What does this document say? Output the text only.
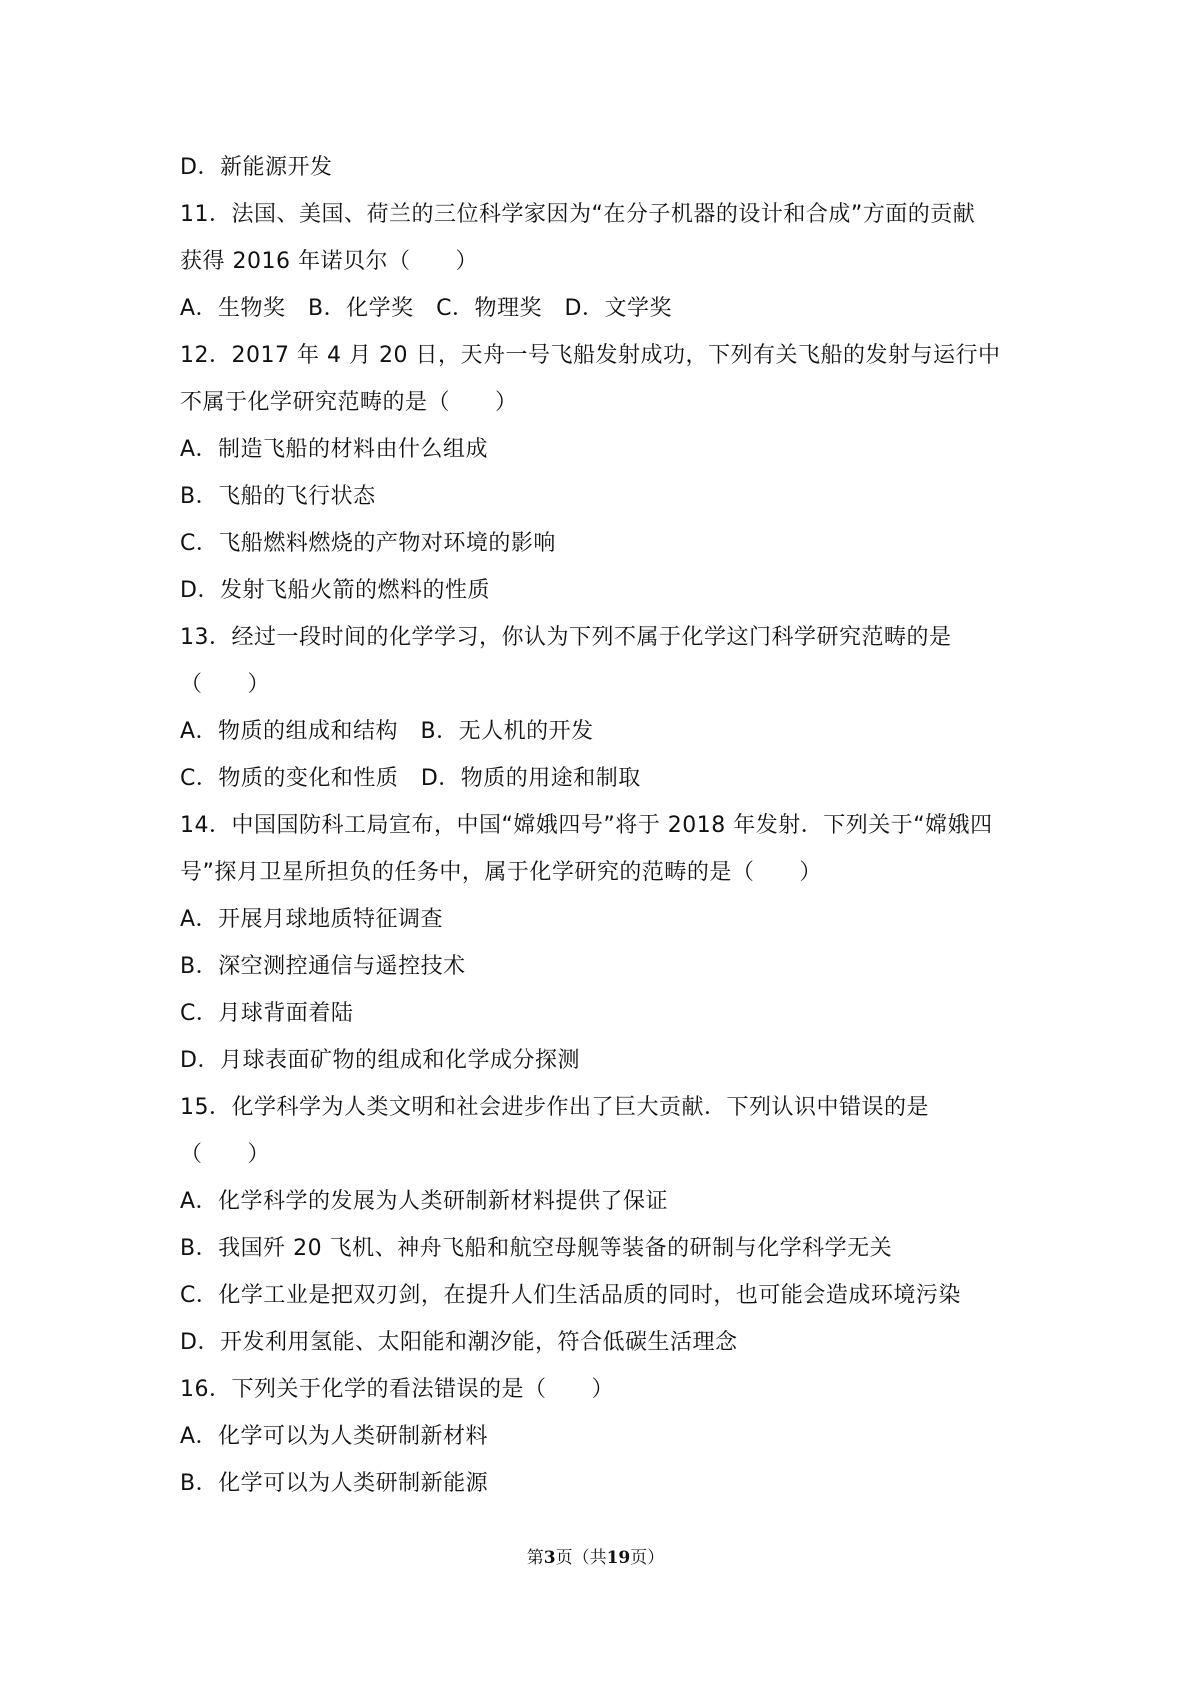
D．新能源开发
11．法国、美国、荷兰的三位科学家因为“在分子机器的设计和合成”方面的贡献
获得 2016 年诺贝尔（　　）
A．生物奖　B．化学奖　C．物理奖　D．文学奖
12．2017 年 4 月 20 日，天舟一号飞船发射成功，下列有关飞船的发射与运行中
不属于化学研究范畴的是（　　）
A．制造飞船的材料由什么组成
B．飞船的飞行状态
C．飞船燃料燃烧的产物对环境的影响
D．发射飞船火箭的燃料的性质
13．经过一段时间的化学学习，你认为下列不属于化学这门科学研究范畴的是
（　　）
A．物质的组成和结构　B．无人机的开发
C．物质的变化和性质　D．物质的用途和制取
14．中国国防科工局宣布，中国“嫦娥四号”将于 2018 年发射．下列关于“嫦娥四
号”探月卫星所担负的任务中，属于化学研究的范畴的是（　　）
A．开展月球地质特征调查
B．深空测控通信与遥控技术
C．月球背面着陆
D．月球表面矿物的组成和化学成分探测
15．化学科学为人类文明和社会进步作出了巨大贡献．下列认识中错误的是
（　　）
A．化学科学的发展为人类研制新材料提供了保证
B．我国歼 20 飞机、神舟飞船和航空母舰等装备的研制与化学科学无关
C．化学工业是把双刃剑，在提升人们生活品质的同时，也可能会造成环境污染
D．开发利用氢能、太阳能和潮汐能，符合低碳生活理念
16．下列关于化学的看法错误的是（　　）
A．化学可以为人类研制新材料
B．化学可以为人类研制新能源
第3页（共19页）
